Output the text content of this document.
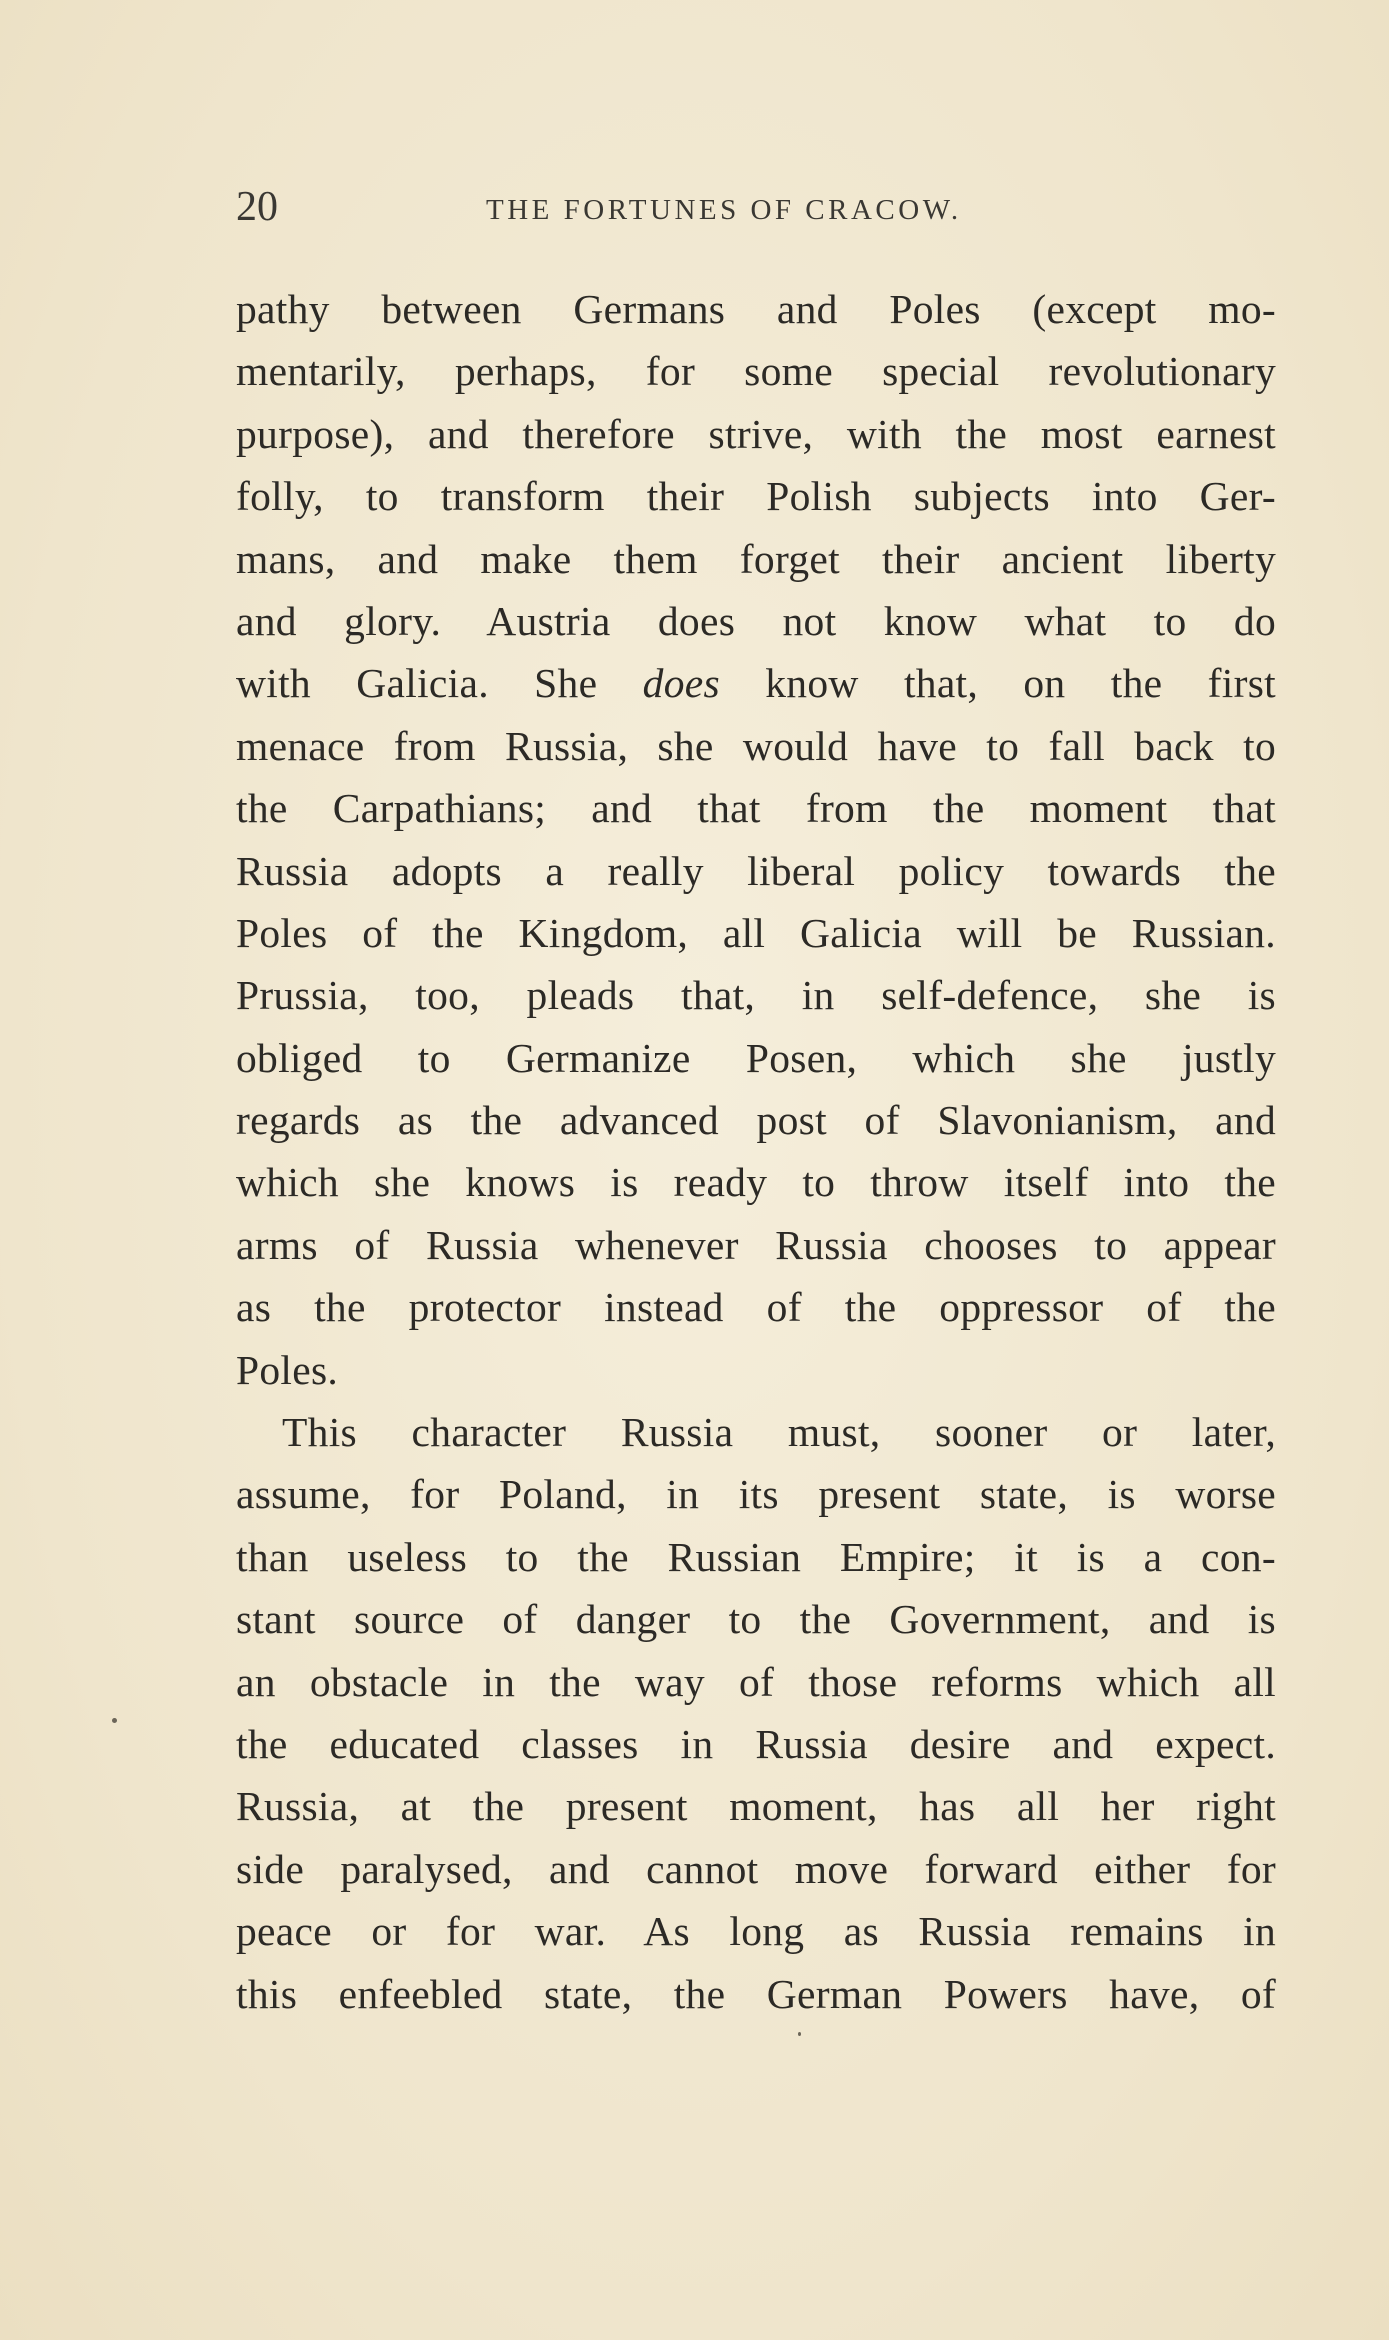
20	THE FORTUNES OF CRACOW.
pathy between Germans and Poles (except mo-
mentarily, perhaps, for some special revolutionary
purpose), and therefore strive, with the most earnest
folly, to transform their Polish subjects into Ger-
mans, and make them forget their ancient liberty
and glory. Austria does not know what to do
with Galicia. She does know that, on the first
menace from Russia, she would have to fall back to
the Carpathians; and that from the moment that
Russia adopts a really liberal policy towards the
Poles of the Kingdom, all Galicia will be Russian.
Prussia, too, pleads that, in self-defence, she is
obliged to Germanize Posen, which she justly
regards as the advanced post of Slavonianism, and
which she knows is ready to throw itself into the
arms of Russia whenever Russia chooses to appear
as the protector instead of the oppressor of the
Poles.
This character Russia must, sooner or later,
assume, for Poland, in its present state, is worse
than useless to the Russian Empire; it is a con-
stant source of danger to the Government, and is
an obstacle in the way of those reforms which all
the educated classes in Russia desire and expect.
Russia, at the present moment, has all her right
side paralysed, and cannot move forward either for
peace or for war. As long as Russia remains in
this enfeebled state, the German Powers have, of
